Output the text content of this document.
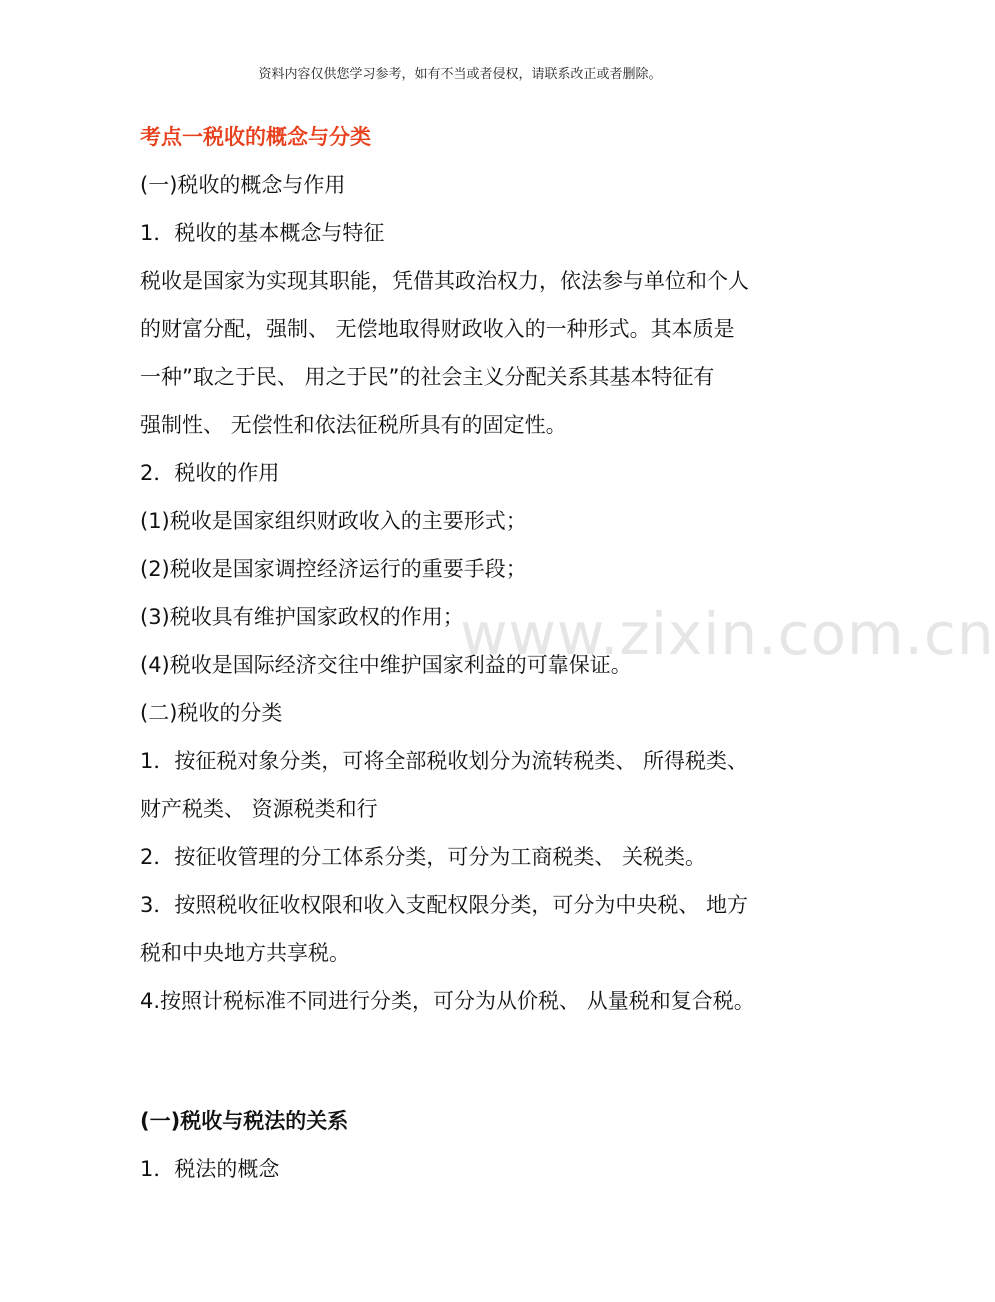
资料内容仅供您学习参考，如有不当或者侵权，请联系改正或者删除。
www.zixin.com.cn
考点一税收的概念与分类
(一)税收的概念与作用
1．税收的基本概念与特征
税收是国家为实现其职能，凭借其政治权力，依法参与单位和个人
的财富分配，强制、 无偿地取得财政收入的一种形式。其本质是
一种”取之于民、 用之于民”的社会主义分配关系其基本特征有
强制性、 无偿性和依法征税所具有的固定性。
2．税收的作用
(1)税收是国家组织财政收入的主要形式；
(2)税收是国家调控经济运行的重要手段；
(3)税收具有维护国家政权的作用；
(4)税收是国际经济交往中维护国家利益的可靠保证。
(二)税收的分类
1．按征税对象分类，可将全部税收划分为流转税类、 所得税类、
财产税类、 资源税类和行
2．按征收管理的分工体系分类，可分为工商税类、 关税类。
3．按照税收征收权限和收入支配权限分类，可分为中央税、 地方
税和中央地方共享税。
4.按照计税标准不同进行分类，可分为从价税、 从量税和复合税。
(一)税收与税法的关系
1．税法的概念
